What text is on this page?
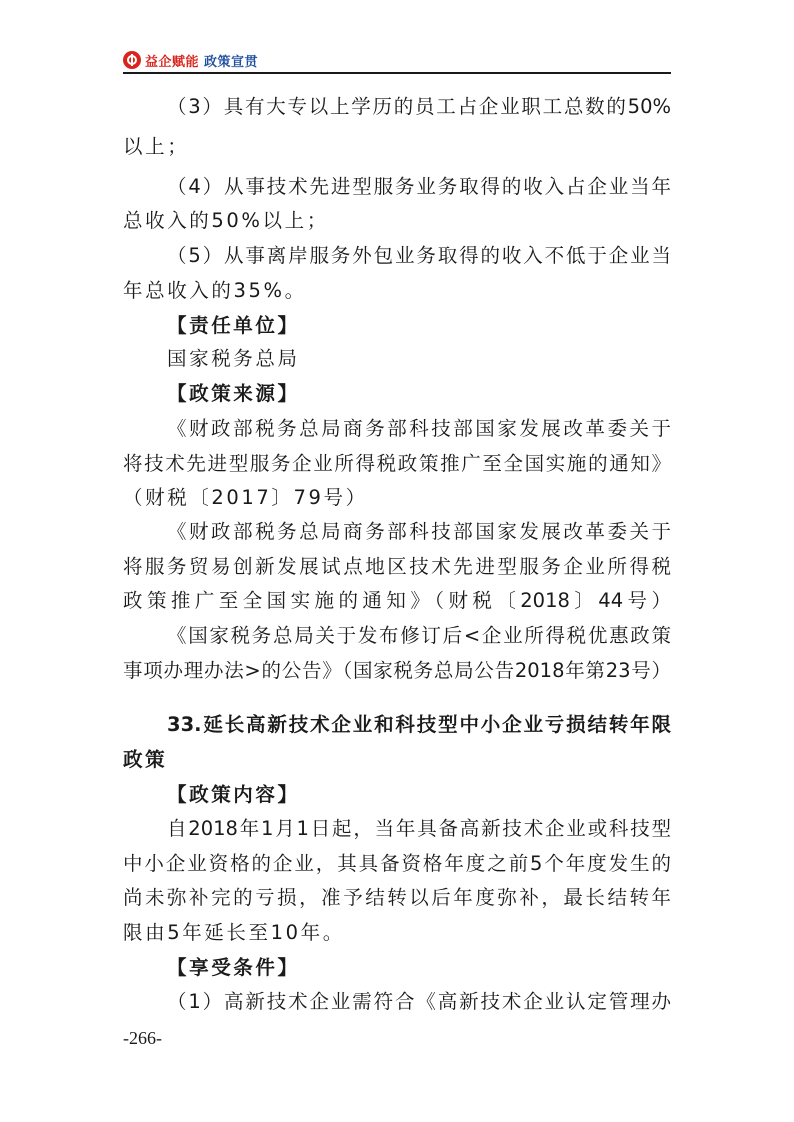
益企赋能 政策宣贯
（3）具有大专以上学历的员工占企业职工总数的50%
以上；
（4）从事技术先进型服务业务取得的收入占企业当年
总收入的50%以上；
（5）从事离岸服务外包业务取得的收入不低于企业当
年总收入的35%。
【责任单位】
国家税务总局
【政策来源】
《财政部税务总局商务部科技部国家发展改革委关于
将技术先进型服务企业所得税政策推广至全国实施的通知》
（财税〔2017〕79号）
《财政部税务总局商务部科技部国家发展改革委关于
将服务贸易创新发展试点地区技术先进型服务企业所得税
政策推广至全国实施的通知》（财税〔2018〕44号）
《国家税务总局关于发布修订后<企业所得税优惠政策
事项办理办法>的公告》（国家税务总局公告2018年第23号）
33.延长高新技术企业和科技型中小企业亏损结转年限
政策
【政策内容】
自2018年1月1日起，当年具备高新技术企业或科技型
中小企业资格的企业，其具备资格年度之前5个年度发生的
尚未弥补完的亏损，准予结转以后年度弥补，最长结转年
限由5年延长至10年。
【享受条件】
（1）高新技术企业需符合《高新技术企业认定管理办
-266-
